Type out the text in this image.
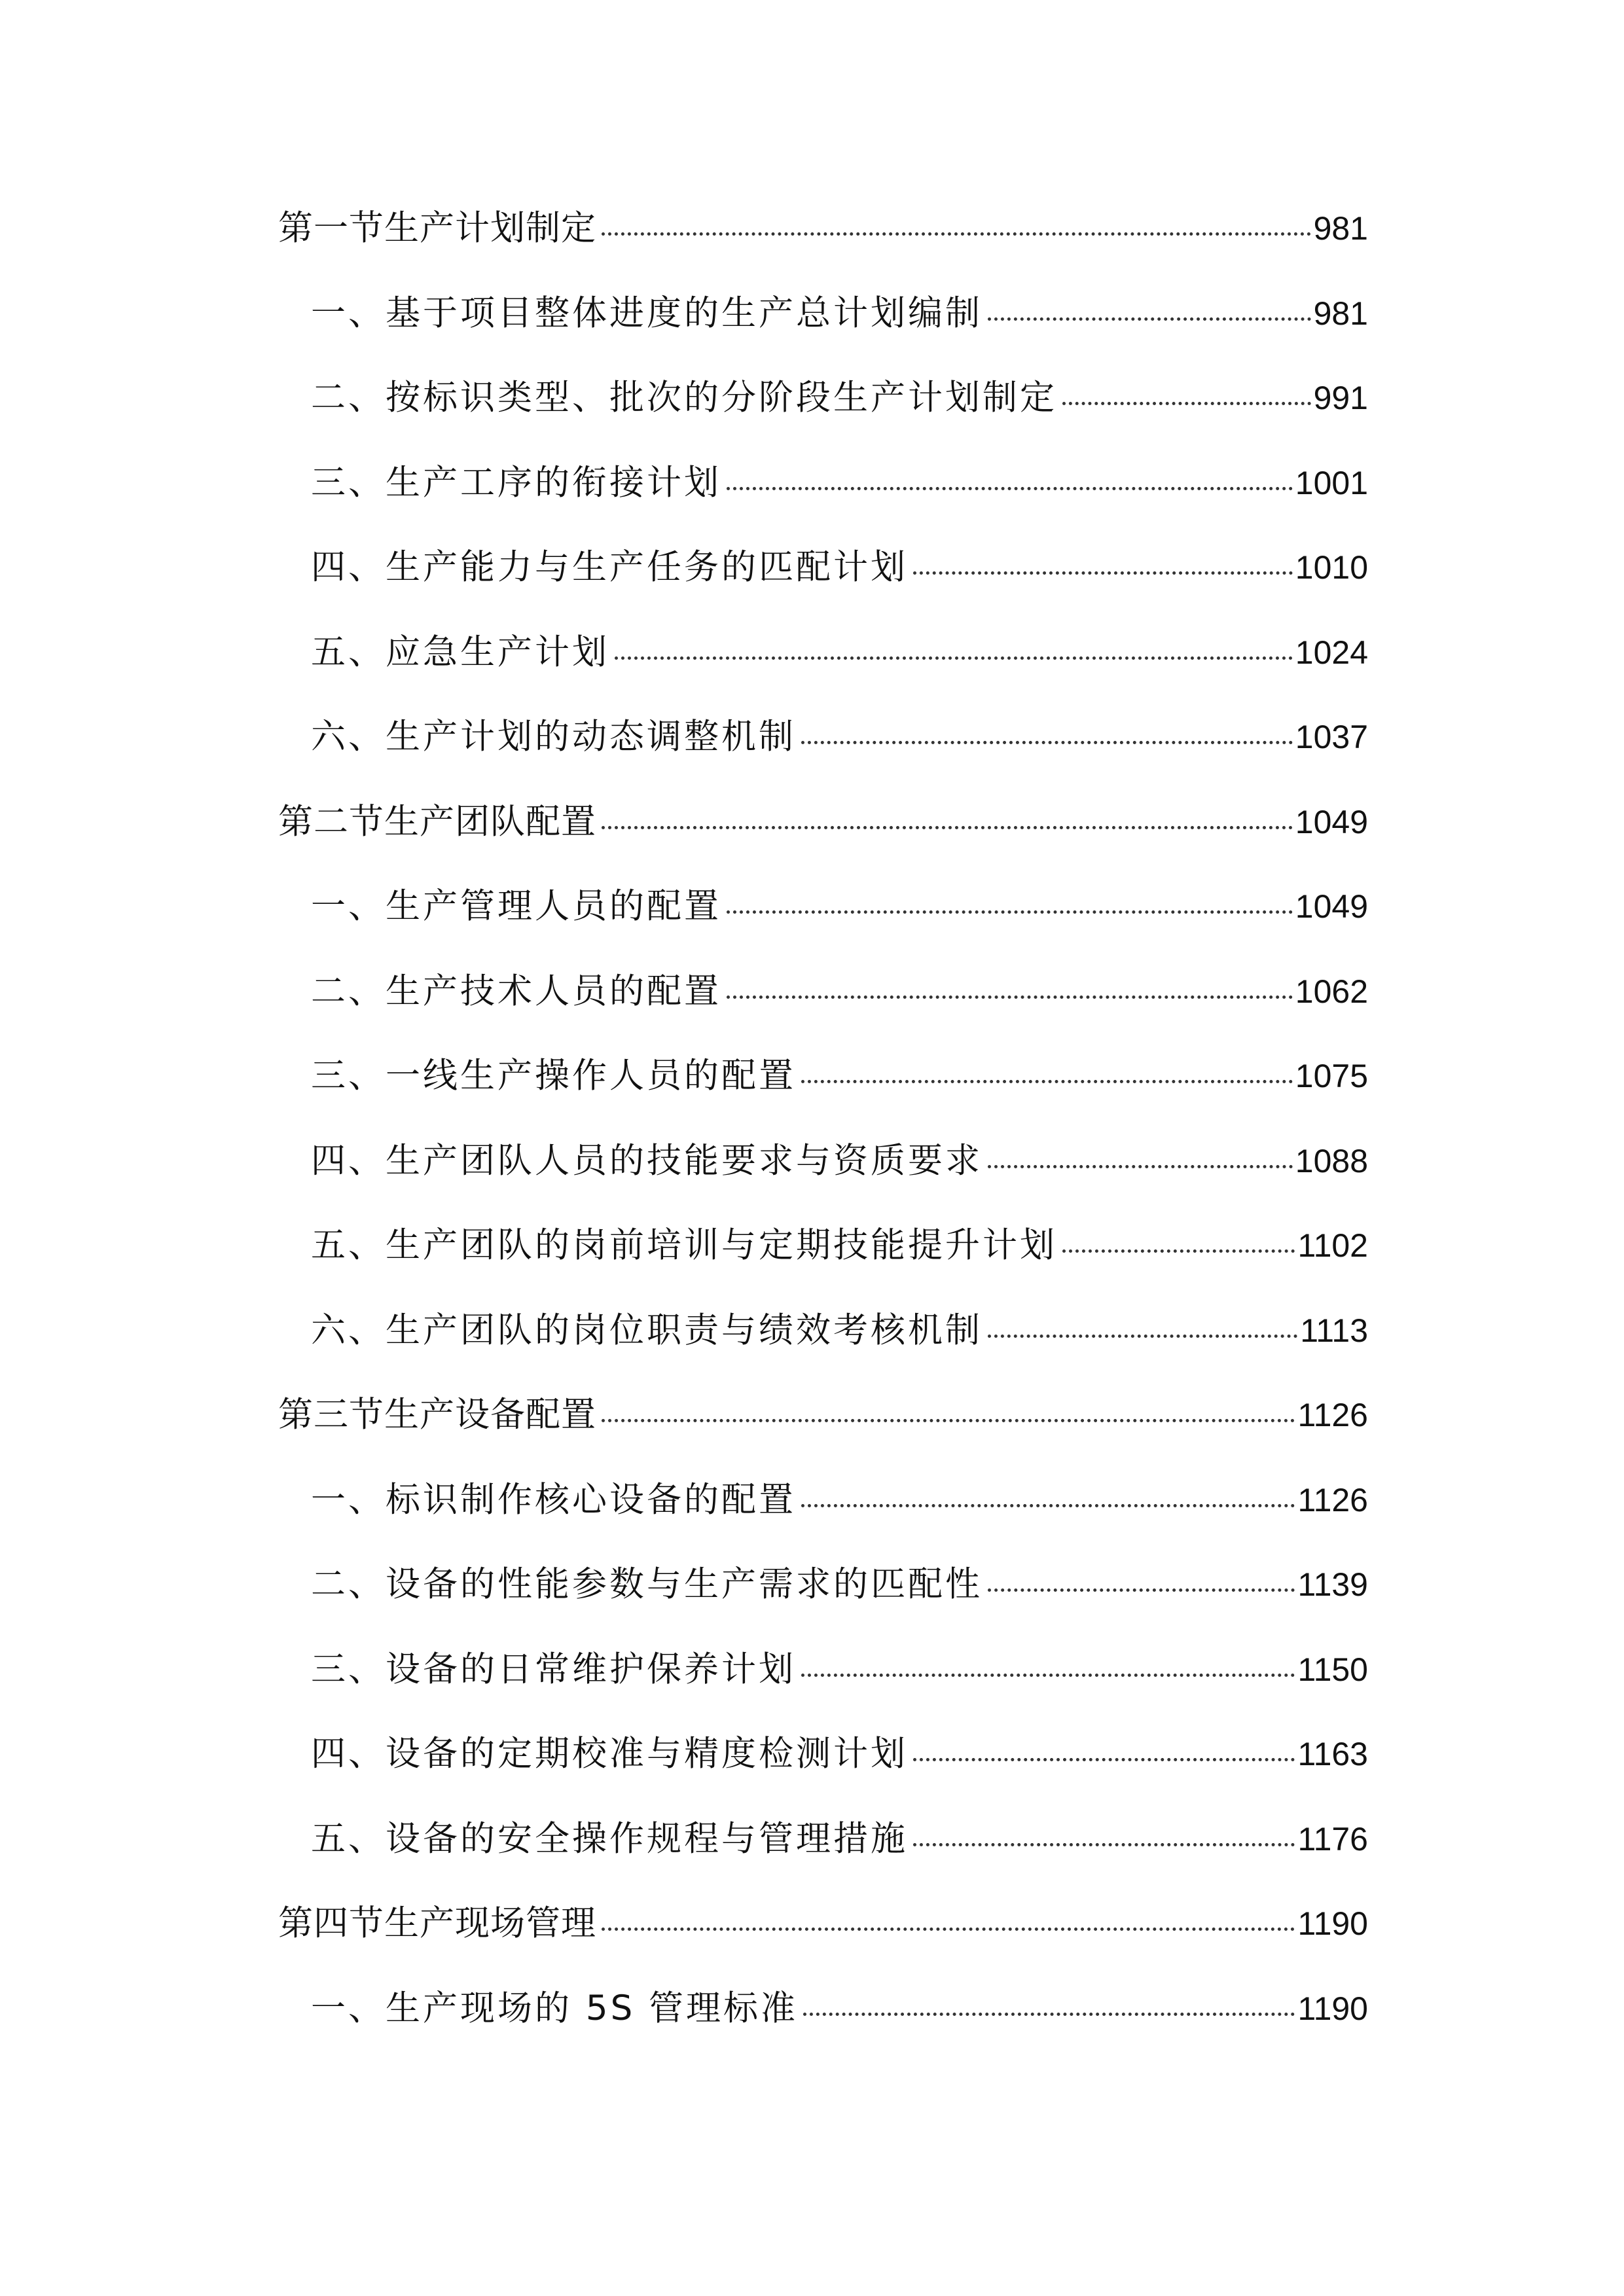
第一节生产计划制定	981
一、基于项目整体进度的生产总计划编制	981
二、按标识类型、批次的分阶段生产计划制定	991
三、生产工序的衔接计划	1001
四、生产能力与生产任务的匹配计划	1010
五、应急生产计划	1024
六、生产计划的动态调整机制	1037
第二节生产团队配置	1049
一、生产管理人员的配置	1049
二、生产技术人员的配置	1062
三、一线生产操作人员的配置	1075
四、生产团队人员的技能要求与资质要求	1088
五、生产团队的岗前培训与定期技能提升计划	1102
六、生产团队的岗位职责与绩效考核机制	1113
第三节生产设备配置	1126
一、标识制作核心设备的配置	1126
二、设备的性能参数与生产需求的匹配性	1139
三、设备的日常维护保养计划	1150
四、设备的定期校准与精度检测计划	1163
五、设备的安全操作规程与管理措施	1176
第四节生产现场管理	1190
一、生产现场的 5S 管理标准	1190
